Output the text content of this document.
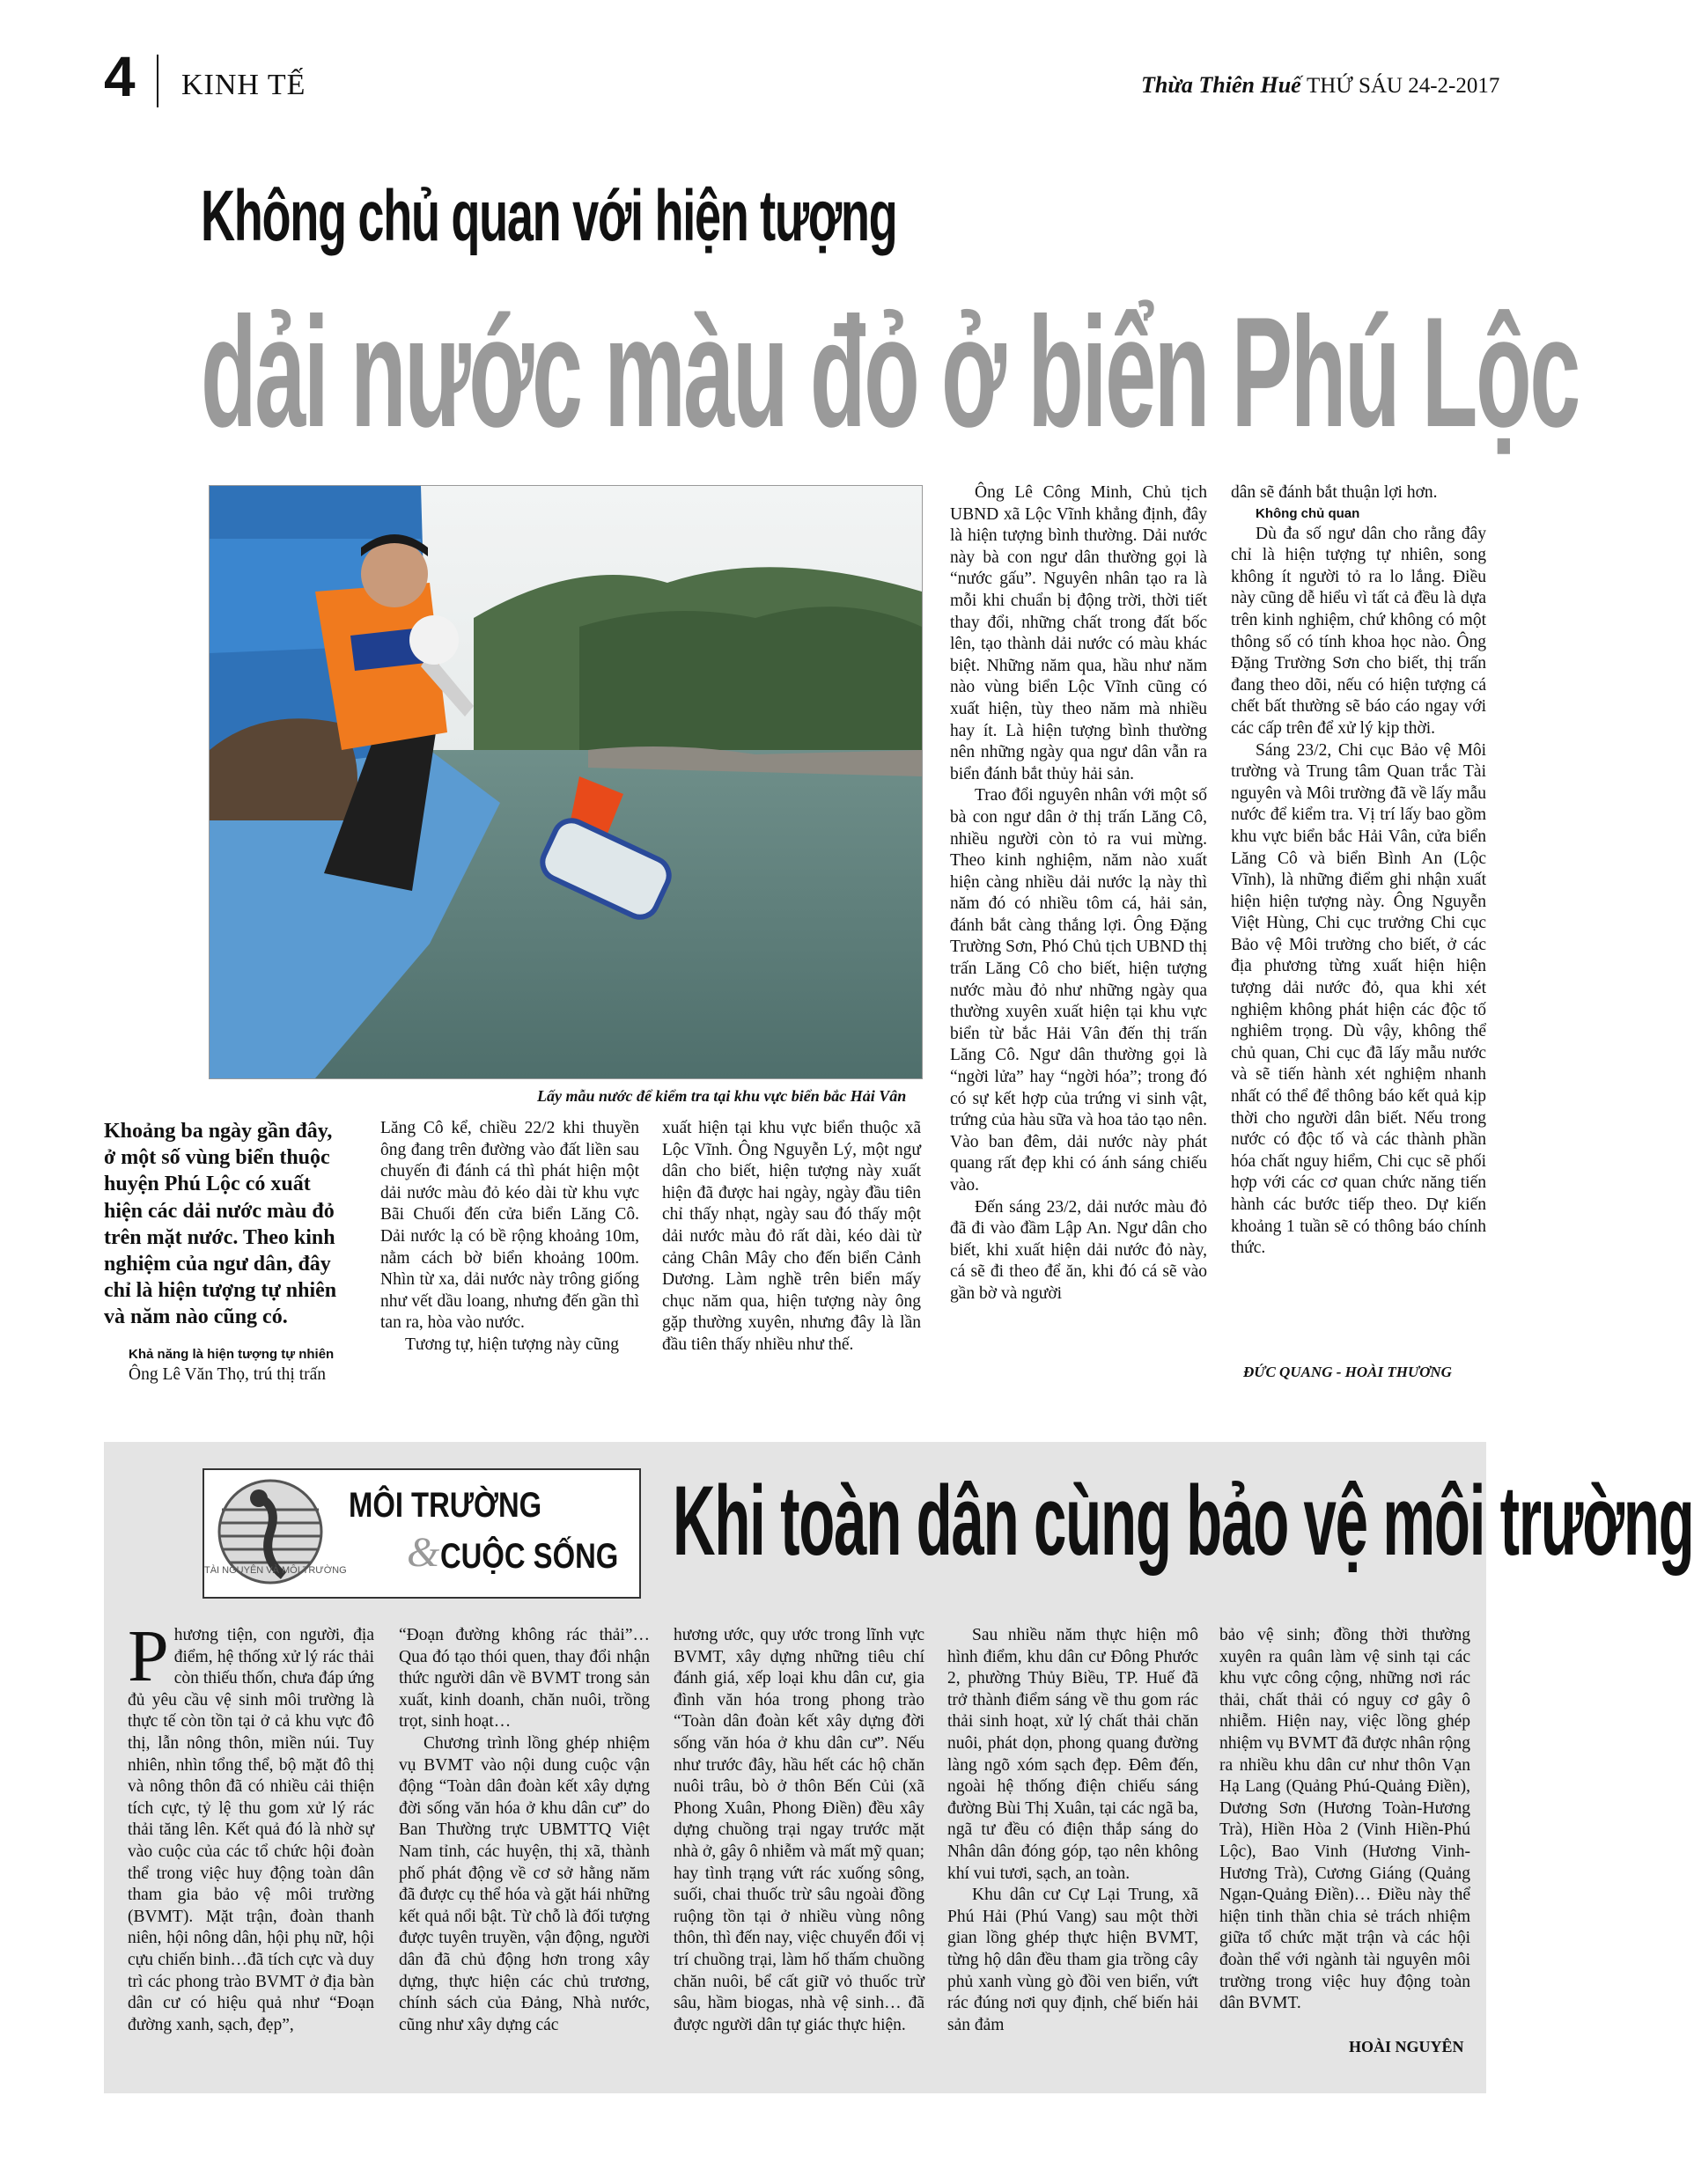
4 KINH TẾ	Thừa Thiên Huế THỨ SÁU 24-2-2017
Không chủ quan với hiện tượng
dải nước màu đỏ ở biển Phú Lộc
Lấy mẫu nước để kiểm tra tại khu vực biển bắc Hải Vân
Khoảng ba ngày gần đây, ở một số vùng biển thuộc huyện Phú Lộc có xuất hiện các dải nước màu đỏ trên mặt nước. Theo kinh nghiệm của ngư dân, đây chỉ là hiện tượng tự nhiên và năm nào cũng có.

Khả năng là hiện tượng tự nhiên

Ông Lê Văn Thọ, trú thị trấn

Lăng Cô kể, chiều 22/2 khi thuyền ông đang trên đường vào đất liền sau chuyến đi đánh cá thì phát hiện một dải nước màu đỏ kéo dài từ khu vực Bãi Chuối đến cửa biển Lăng Cô. Dải nước lạ có bề rộng khoảng 10m, nằm cách bờ biển khoảng 100m. Nhìn từ xa, dải nước này trông giống như vết dầu loang, nhưng đến gần thì tan ra, hòa vào nước.

Tương tự, hiện tượng này cũng

xuất hiện tại khu vực biển thuộc xã Lộc Vĩnh. Ông Nguyễn Lý, một ngư dân cho biết, hiện tượng này xuất hiện đã được hai ngày, ngày đầu tiên chỉ thấy nhạt, ngày sau đó thấy một dải nước màu đỏ rất dài, kéo dài từ cảng Chân Mây cho đến biển Cảnh Dương. Làm nghề trên biển mấy chục năm qua, hiện tượng này ông gặp thường xuyên, nhưng đây là lần đầu tiên thấy nhiều như thế.

Ông Lê Công Minh, Chủ tịch UBND xã Lộc Vĩnh khẳng định, đây là hiện tượng bình thường. Dải nước này bà con ngư dân thường gọi là “nước gấu”. Nguyên nhân tạo ra là mỗi khi chuẩn bị động trời, thời tiết thay đổi, những chất trong đất bốc lên, tạo thành dải nước có màu khác biệt. Những năm qua, hầu như năm nào vùng biển Lộc Vĩnh cũng có xuất hiện, tùy theo năm mà nhiều hay ít. Là hiện tượng bình thường nên những ngày qua ngư dân vẫn ra biển đánh bắt thủy hải sản.

Trao đổi nguyên nhân với một số bà con ngư dân ở thị trấn Lăng Cô, nhiều người còn tỏ ra vui mừng. Theo kinh nghiệm, năm nào xuất hiện càng nhiều dải nước lạ này thì năm đó có nhiều tôm cá, hải sản, đánh bắt càng thắng lợi. Ông Đặng Trường Sơn, Phó Chủ tịch UBND thị trấn Lăng Cô cho biết, hiện tượng nước màu đỏ như những ngày qua thường xuyên xuất hiện tại khu vực biển từ bắc Hải Vân đến thị trấn Lăng Cô. Ngư dân thường gọi là “ngời lửa” hay “ngời hóa”; trong đó có sự kết hợp của trứng vi sinh vật, trứng của hàu sữa và hoa tảo tạo nên. Vào ban đêm, dải nước này phát quang rất đẹp khi có ánh sáng chiếu vào.

Đến sáng 23/2, dải nước màu đỏ đã đi vào đầm Lập An. Ngư dân cho biết, khi xuất hiện dải nước đỏ này, cá sẽ đi theo để ăn, khi đó cá sẽ vào gần bờ và người

dân sẽ đánh bắt thuận lợi hơn.

Không chủ quan

Dù đa số ngư dân cho rằng đây chỉ là hiện tượng tự nhiên, song không ít người tỏ ra lo lắng. Điều này cũng dễ hiểu vì tất cả đều là dựa trên kinh nghiệm, chứ không có một thông số có tính khoa học nào. Ông Đặng Trường Sơn cho biết, thị trấn đang theo dõi, nếu có hiện tượng cá chết bất thường sẽ báo cáo ngay với các cấp trên để xử lý kịp thời.

Sáng 23/2, Chi cục Bảo vệ Môi trường và Trung tâm Quan trắc Tài nguyên và Môi trường đã về lấy mẫu nước để kiểm tra. Vị trí lấy bao gồm khu vực biển bắc Hải Vân, cửa biển Lăng Cô và biển Bình An (Lộc Vĩnh), là những điểm ghi nhận xuất hiện hiện tượng này. Ông Nguyễn Việt Hùng, Chi cục trưởng Chi cục Bảo vệ Môi trường cho biết, ở các địa phương từng xuất hiện hiện tượng dải nước đỏ, qua khi xét nghiệm không phát hiện các độc tố nghiêm trọng. Dù vậy, không thể chủ quan, Chi cục đã lấy mẫu nước và sẽ tiến hành xét nghiệm nhanh nhất có thể để thông báo kết quả kịp thời cho người dân biết. Nếu trong nước có độc tố và các thành phần hóa chất nguy hiểm, Chi cục sẽ phối hợp với các cơ quan chức năng tiến hành các bước tiếp theo. Dự kiến khoảng 1 tuần sẽ có thông báo chính thức.

ĐỨC QUANG - HOÀI THƯƠNG
TÀI NGUYÊN VÀ MÔI TRƯỜNG
MÔI TRƯỜNG
& CUỘC SỐNG Khi toàn dân cùng bảo vệ môi trường

Phương tiện, con người, địa điểm, hệ thống xử lý rác thải còn thiếu thốn, chưa đáp ứng đủ yêu cầu vệ sinh môi trường là thực tế còn tồn tại ở cả khu vực đô thị, lẫn nông thôn, miền núi. Tuy nhiên, nhìn tổng thể, bộ mặt đô thị và nông thôn đã có nhiều cải thiện tích cực, tỷ lệ thu gom xử lý rác thải tăng lên. Kết quả đó là nhờ sự vào cuộc của các tổ chức hội đoàn thể trong việc huy động toàn dân tham gia bảo vệ môi trường (BVMT). Mặt trận, đoàn thanh niên, hội nông dân, hội phụ nữ, hội cựu chiến binh…đã tích cực và duy trì các phong trào BVMT ở địa bàn dân cư có hiệu quả như “Đoạn đường xanh, sạch, đẹp”,

“Đoạn đường không rác thải”… Qua đó tạo thói quen, thay đổi nhận thức người dân về BVMT trong sản xuất, kinh doanh, chăn nuôi, trồng trọt, sinh hoạt…

Chương trình lồng ghép nhiệm vụ BVMT vào nội dung cuộc vận động “Toàn dân đoàn kết xây dựng đời sống văn hóa ở khu dân cư” do Ban Thường trực UBMTTQ Việt Nam tỉnh, các huyện, thị xã, thành phố phát động về cơ sở hằng năm đã được cụ thể hóa và gặt hái những kết quả nổi bật. Từ chỗ là đối tượng được tuyên truyền, vận động, người dân đã chủ động hơn trong xây dựng, thực hiện các chủ trương, chính sách của Đảng, Nhà nước, cũng như xây dựng các

hương ước, quy ước trong lĩnh vực BVMT, xây dựng những tiêu chí đánh giá, xếp loại khu dân cư, gia đình văn hóa trong phong trào “Toàn dân đoàn kết xây dựng đời sống văn hóa ở khu dân cư”. Nếu như trước đây, hầu hết các hộ chăn nuôi trâu, bò ở thôn Bến Củi (xã Phong Xuân, Phong Điền) đều xây dựng chuồng trại ngay trước mặt nhà ở, gây ô nhiễm và mất mỹ quan; hay tình trạng vứt rác xuống sông, suối, chai thuốc trừ sâu ngoài đồng ruộng tồn tại ở nhiều vùng nông thôn, thì đến nay, việc chuyển đổi vị trí chuồng trại, làm hố thấm chuồng chăn nuôi, bể cất giữ vỏ thuốc trừ sâu, hầm biogas, nhà vệ sinh… đã được người dân tự giác thực hiện.

Sau nhiều năm thực hiện mô hình điểm, khu dân cư Đông Phước 2, phường Thủy Biều, TP. Huế đã trở thành điểm sáng về thu gom rác thải sinh hoạt, xử lý chất thải chăn nuôi, phát dọn, phong quang đường làng ngõ xóm sạch đẹp. Đêm đến, ngoài hệ thống điện chiếu sáng đường Bùi Thị Xuân, tại các ngã ba, ngã tư đều có điện thắp sáng do Nhân dân đóng góp, tạo nên không khí vui tươi, sạch, an toàn.

Khu dân cư Cự Lại Trung, xã Phú Hải (Phú Vang) sau một thời gian lồng ghép thực hiện BVMT, từng hộ dân đều tham gia trồng cây phủ xanh vùng gò đồi ven biển, vứt rác đúng nơi quy định, chế biến hải sản đảm

bảo vệ sinh; đồng thời thường xuyên ra quân làm vệ sinh tại các khu vực công cộng, những nơi rác thải, chất thải có nguy cơ gây ô nhiễm. Hiện nay, việc lồng ghép nhiệm vụ BVMT đã được nhân rộng ra nhiều khu dân cư như thôn Vạn Hạ Lang (Quảng Phú-Quảng Điền), Dương Sơn (Hương Toàn-Hương Trà), Hiền Hòa 2 (Vinh Hiền-Phú Lộc), Bao Vinh (Hương Vinh-Hương Trà), Cương Giáng (Quảng Ngạn-Quảng Điền)… Điều này thể hiện tinh thần chia sẻ trách nhiệm giữa tổ chức mặt trận và các hội đoàn thể với ngành tài nguyên môi trường trong việc huy động toàn dân BVMT.

HOÀI NGUYÊN
